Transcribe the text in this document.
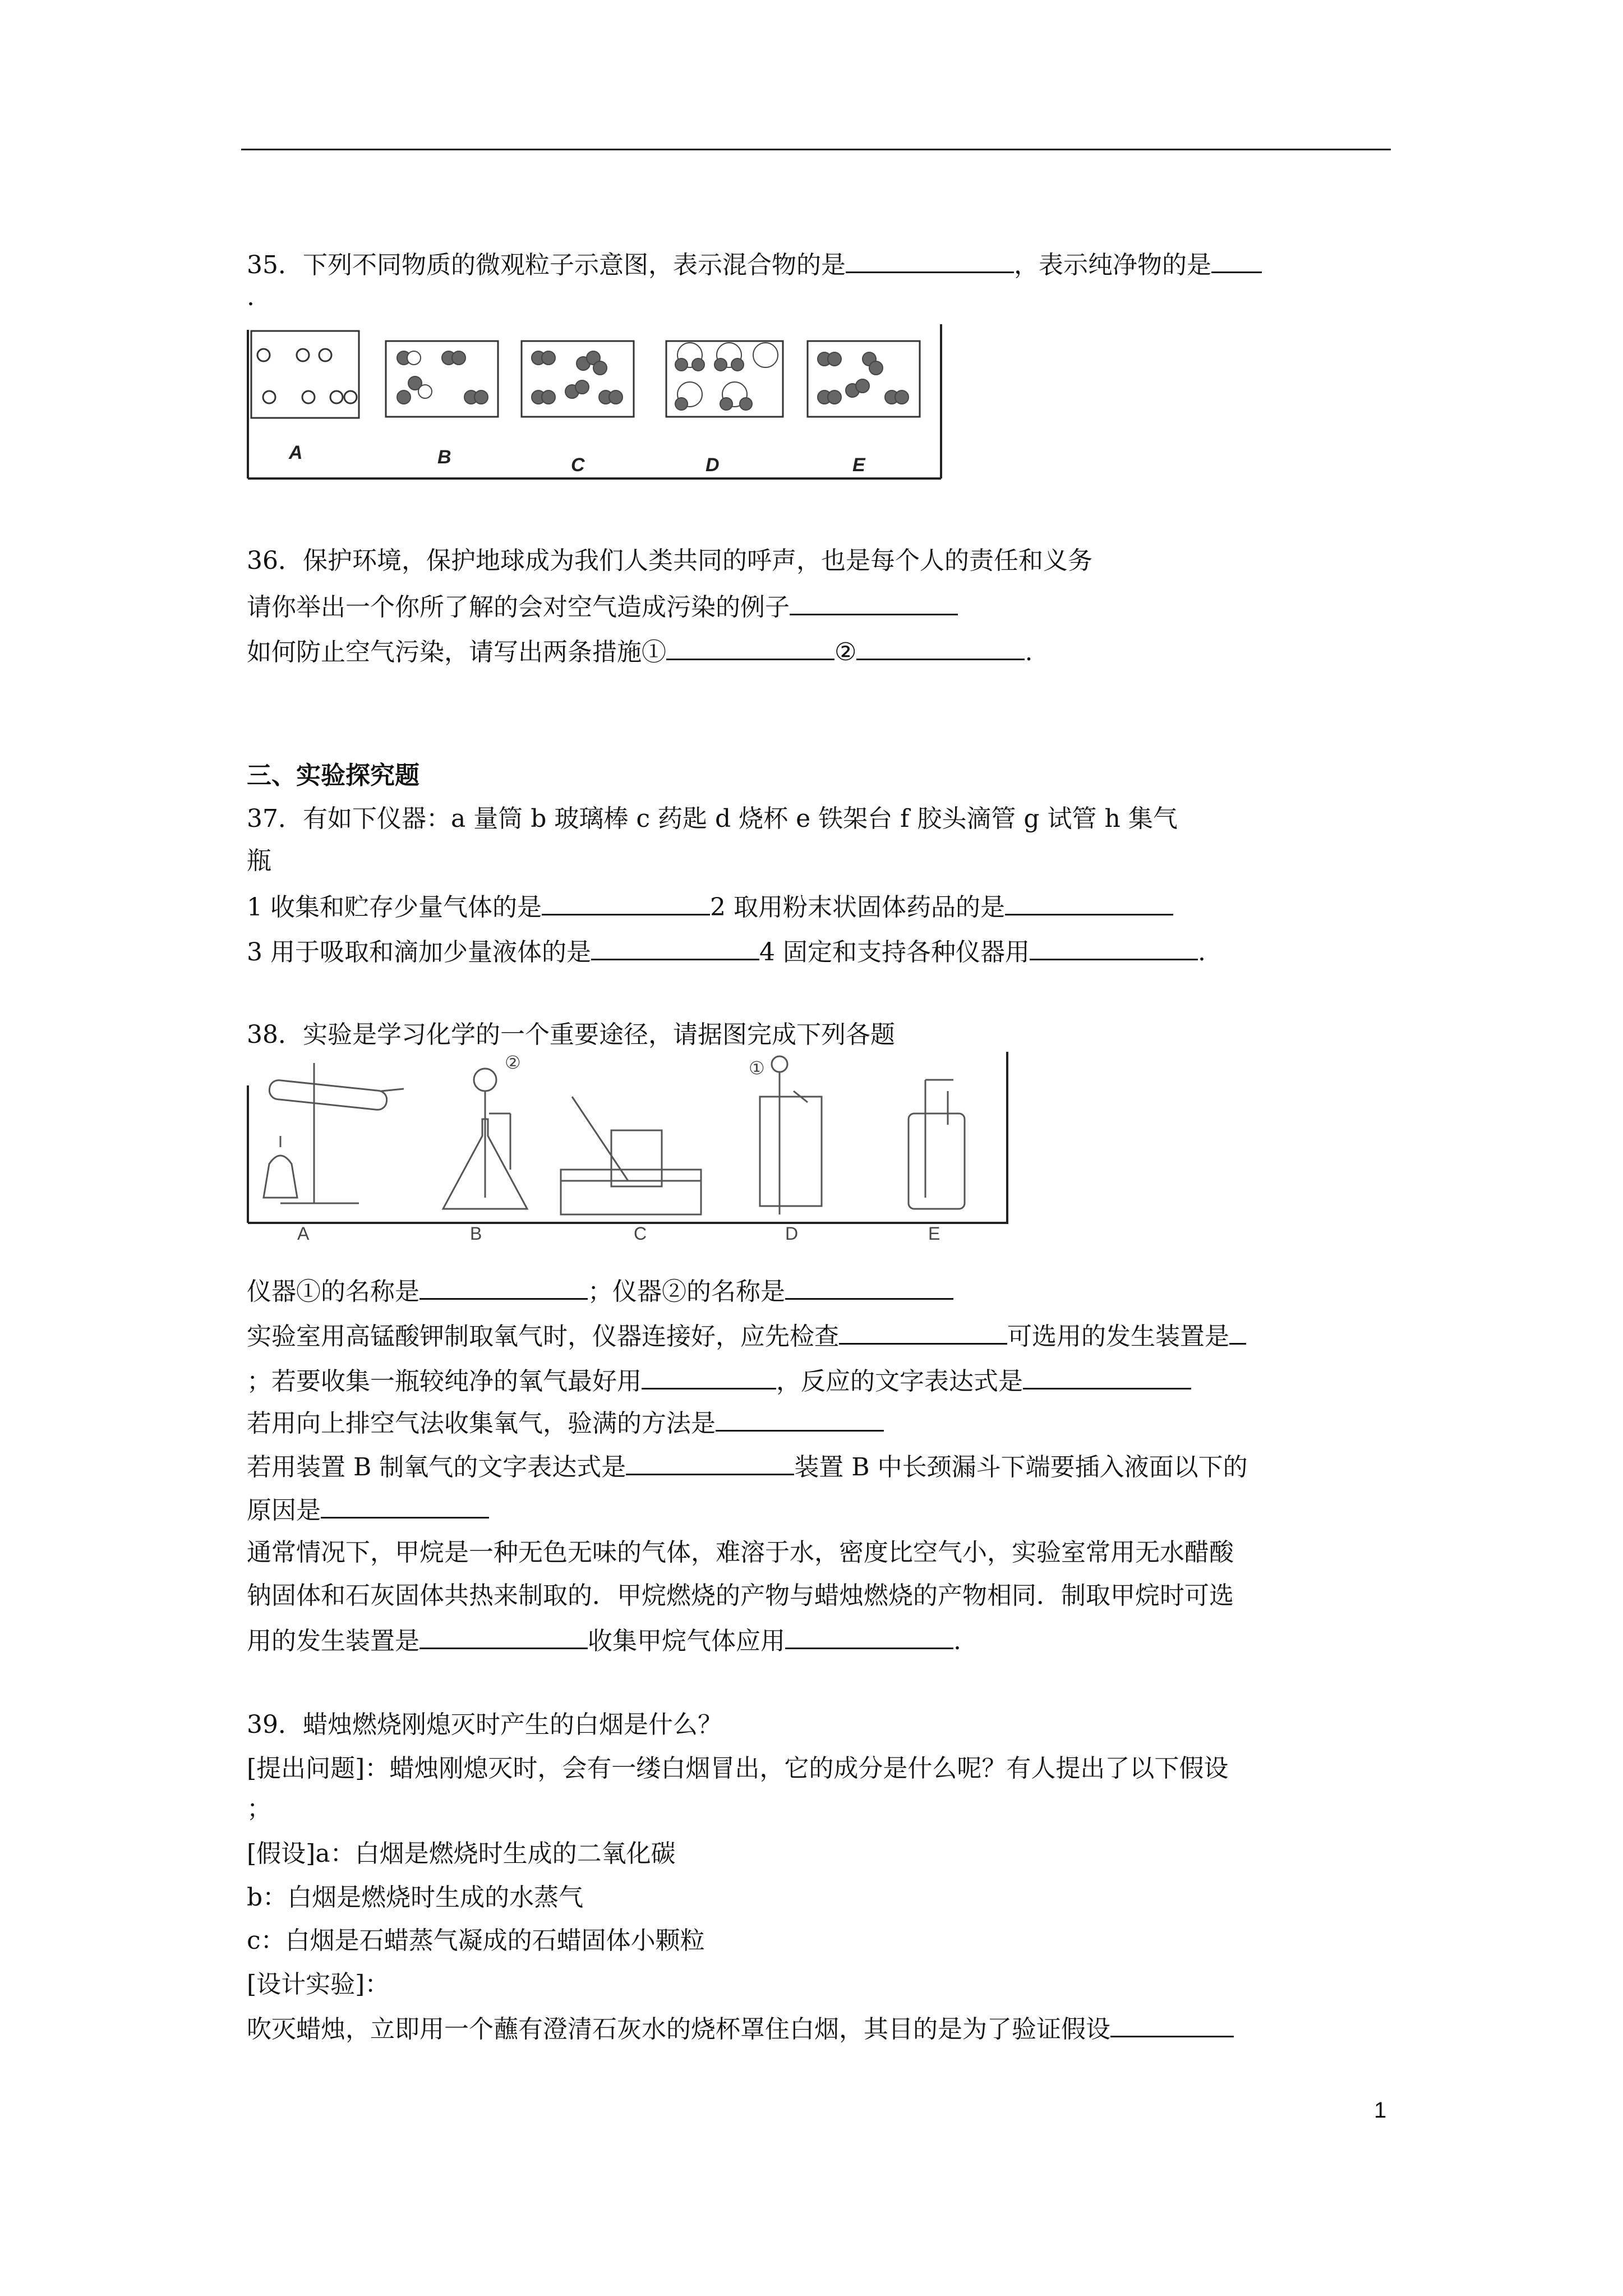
35．下列不同物质的微观粒子示意图，表示混合物的是	，表示纯净物的是
.
A	B	C	D	E
36．保护环境，保护地球成为我们人类共同的呼声，也是每个人的责任和义务
请你举出一个你所了解的会对空气造成污染的例子
如何防止空气污染，请写出两条措施①	②	.
三、实验探究题
37．有如下仪器：a 量筒 b 玻璃棒 c 药匙 d 烧杯 e 铁架台 f 胶头滴管 g 试管 h 集气
瓶
1 收集和贮存少量气体的是	2 取用粉末状固体药品的是
3 用于吸取和滴加少量液体的是	4 固定和支持各种仪器用	.
38．实验是学习化学的一个重要途径，请据图完成下列各题
②	①
A	B	C	D	E
仪器①的名称是	；仪器②的名称是
实验室用高锰酸钾制取氧气时，仪器连接好，应先检查	可选用的发生装置是
；若要收集一瓶较纯净的氧气最好用	，反应的文字表达式是
若用向上排空气法收集氧气，验满的方法是
若用装置 B 制氧气的文字表达式是	装置 B 中长颈漏斗下端要插入液面以下的
原因是
通常情况下，甲烷是一种无色无味的气体，难溶于水，密度比空气小，实验室常用无水醋酸
钠固体和石灰固体共热来制取的．甲烷燃烧的产物与蜡烛燃烧的产物相同．制取甲烷时可选
用的发生装置是	收集甲烷气体应用	.
39．蜡烛燃烧刚熄灭时产生的白烟是什么？
[提出问题]：蜡烛刚熄灭时，会有一缕白烟冒出，它的成分是什么呢？有人提出了以下假设
；
[假设]a：白烟是燃烧时生成的二氧化碳
b：白烟是燃烧时生成的水蒸气
c：白烟是石蜡蒸气凝成的石蜡固体小颗粒
[设计实验]：
吹灭蜡烛，立即用一个蘸有澄清石灰水的烧杯罩住白烟，其目的是为了验证假设
1
